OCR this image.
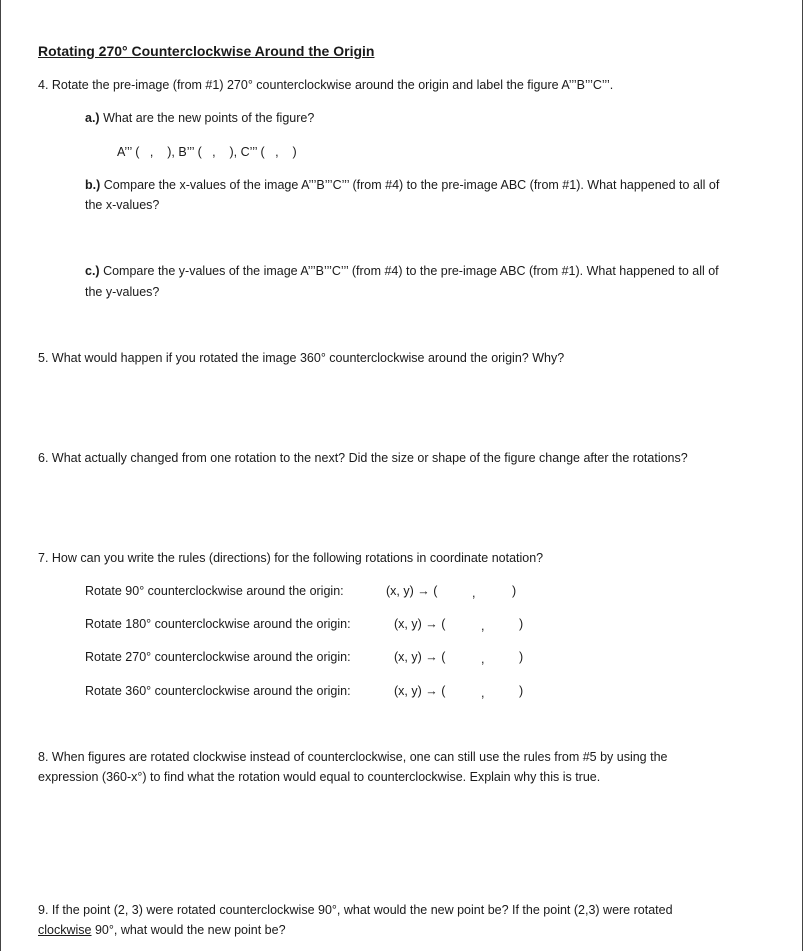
Rotating 270° Counterclockwise Around the Origin
4. Rotate the pre-image (from #1) 270° counterclockwise around the origin and label the figure A’’’B’’’C’’’.
a.) What are the new points of the figure?
A’’’ (   ,    ), B’’’ (   ,    ), C’’’ (   ,    )
b.) Compare the x-values of the image A’’’B’’’C’’’ (from #4) to the pre-image ABC (from #1). What happened to all of
the x-values?
c.) Compare the y-values of the image A’’’B’’’C’’’ (from #4) to the pre-image ABC (from #1). What happened to all of
the y-values?
5. What would happen if you rotated the image 360° counterclockwise around the origin? Why?
6. What actually changed from one rotation to the next? Did the size or shape of the figure change after the rotations?
7. How can you write the rules (directions) for the following rotations in coordinate notation?
Rotate 90° counterclockwise around the origin:	(x, y) → (	,	)
Rotate 180° counterclockwise around the origin:	(x, y) → (	,	)
Rotate 270° counterclockwise around the origin:	(x, y) → (	,	)
Rotate 360° counterclockwise around the origin:	(x, y) → (	,	)
8. When figures are rotated clockwise instead of counterclockwise, one can still use the rules from #5 by using the
expression (360-x°) to find what the rotation would equal to counterclockwise. Explain why this is true.
9. If the point (2, 3) were rotated counterclockwise 90°, what would the new point be? If the point (2,3) were rotated
clockwise 90°, what would the new point be?
